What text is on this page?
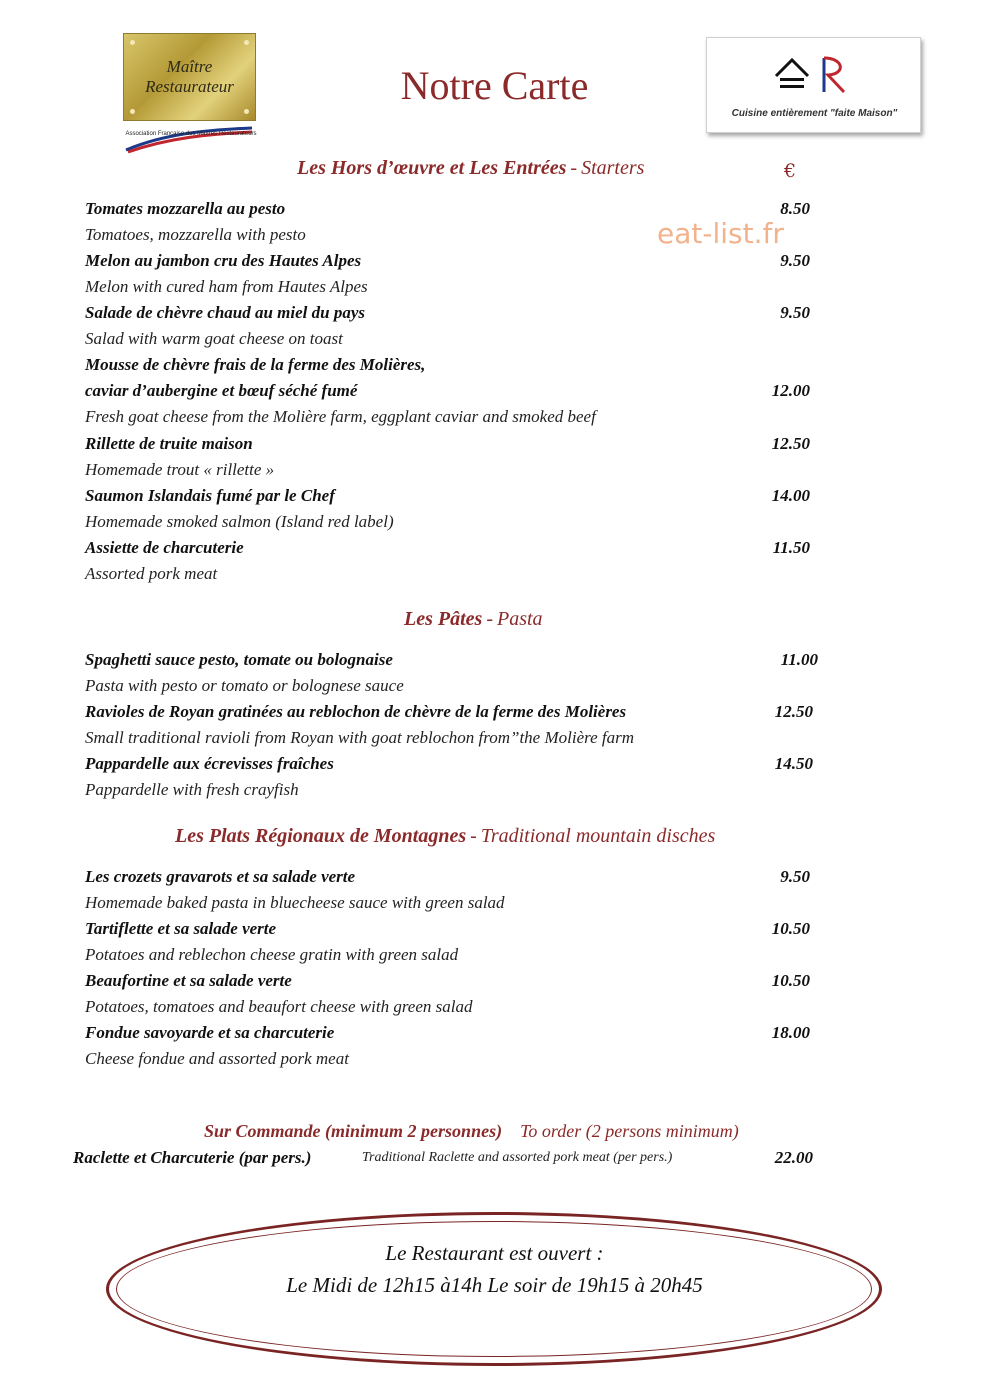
Maître
Restaurateur
Association Française des Maîtres Restaurateurs
Notre Carte
Cuisine entièrement "faite Maison"
eat-list.fr
Les Hors d’œuvre et Les Entrées - Starters	€
Tomates mozzarella au pesto	8.50
Tomatoes, mozzarella with pesto
Melon au jambon cru des Hautes Alpes	9.50
Melon with cured ham from Hautes Alpes
Salade de chèvre chaud au miel du pays	9.50
Salad with warm goat cheese on toast
Mousse de chèvre frais de la ferme des Molières,
caviar d’aubergine et bœuf séché fumé	12.00
Fresh goat cheese from the Molière farm, eggplant caviar and smoked beef
Rillette de truite maison	12.50
Homemade trout « rillette »
Saumon Islandais fumé par le Chef	14.00
Homemade smoked salmon (Island red label)
Assiette de charcuterie	11.50
Assorted pork meat
Les Pâtes - Pasta
Spaghetti sauce pesto, tomate ou bolognaise	11.00
Pasta with pesto or tomato or bolognese sauce
Ravioles de Royan gratinées au reblochon de chèvre de la ferme des Molières	12.50
Small traditional ravioli from Royan with goat reblochon from”the Molière farm
Pappardelle aux écrevisses fraîches	14.50
Pappardelle with fresh crayfish
Les Plats Régionaux de Montagnes - Traditional mountain disches
Les crozets gravarots et sa salade verte	9.50
Homemade baked pasta in bluecheese sauce with green salad
Tartiflette et sa salade verte	10.50
Potatoes and reblechon cheese gratin with green salad
Beaufortine et sa salade verte	10.50
Potatoes, tomatoes and beaufort cheese with green salad
Fondue savoyarde et sa charcuterie	18.00
Cheese fondue and assorted pork meat
Sur Commande (minimum 2 personnes) To order (2 persons minimum)
Raclette et Charcuterie (par pers.)	Traditional Raclette and assorted pork meat (per pers.)	22.00
Le Restaurant est ouvert :
Le Midi de 12h15 à14h Le soir de 19h15 à 20h45
